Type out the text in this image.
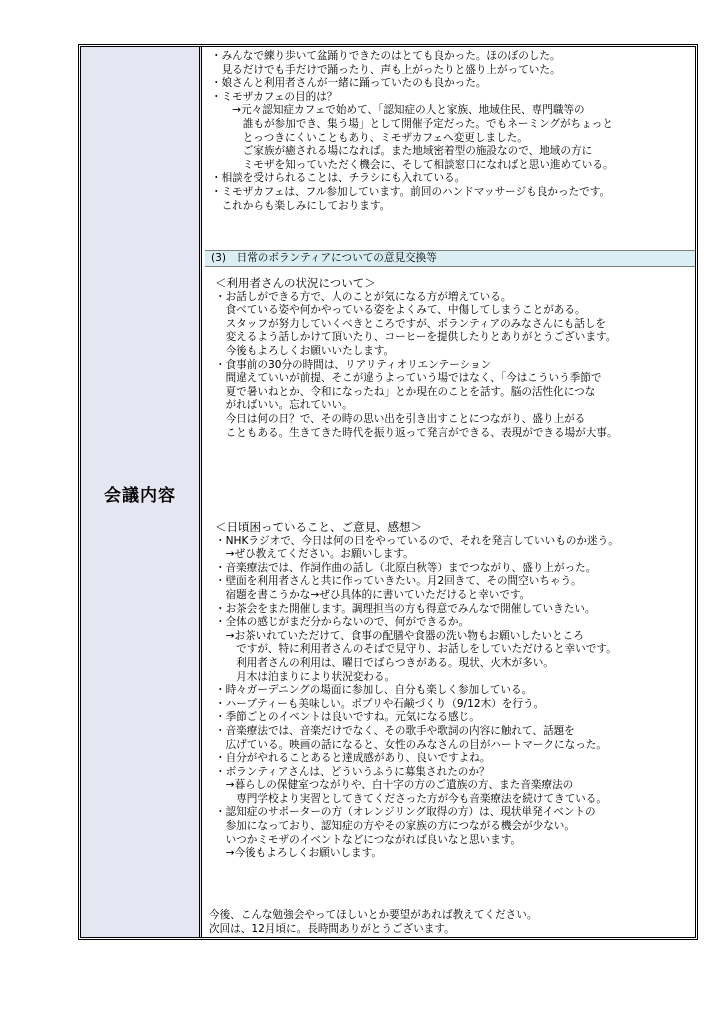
会議内容
・みんなで練り歩いて盆踊りできたのはとても良かった。ほのぼのした。
　見るだけでも手だけで踊ったり、声も上がったりと盛り上がっていた。
・娘さんと利用者さんが一緒に踊っていたのも良かった。
・ミモザカフェの目的は？
　　→元々認知症カフェで始めて、「認知症の人と家族、地域住民、専門職等の
　　　誰もが参加でき、集う場」として開催予定だった。でもネーミングがちょっと
　　　とっつきにくいこともあり、ミモザカフェへ変更しました。
　　　ご家族が癒される場になれば。また地域密着型の施設なので、地域の方に
　　　ミモザを知っていただく機会に、そして相談窓口になればと思い進めている。
・相談を受けられることは、チラシにも入れている。
・ミモザカフェは、フル参加しています。前回のハンドマッサージも良かったです。
　これからも楽しみにしております。
(3)　日常のボランティアについての意見交換等
＜利用者さんの状況について＞
・お話しができる方で、人のことが気になる方が増えている。
　食べている姿や何かやっている姿をよくみて、中傷してしまうことがある。
　スタッフが努力していくべきところですが、ボランティアのみなさんにも話しを
　変えるよう話しかけて頂いたり、コーヒーを提供したりとありがとうございます。
　今後もよろしくお願いいたします。
・食事前の30分の時間は、リアリティオリエンテーション
　間違えていいが前提、そこが違うよっていう場ではなく、「今はこういう季節で
　夏で暑いねとか、令和になったね」とか現在のことを話す。脳の活性化につな
　がればいい。忘れていい。
　今日は何の日？で、その時の思い出を引き出すことにつながり、盛り上がる
　こともある。生きてきた時代を振り返って発言ができる、表現ができる場が大事。
＜日頃困っていること、ご意見、感想＞
・NHKラジオで、今日は何の日をやっているので、それを発言していいものか迷う。
　→ぜひ教えてください。お願いします。
・音楽療法では、作詞作曲の話し（北原白秋等）までつながり、盛り上がった。
・壁面を利用者さんと共に作っていきたい。月2回きて、その間空いちゃう。
　宿題を書こうかな→ぜひ具体的に書いていただけると幸いです。
・お茶会をまた開催します。調理担当の方も得意でみんなで開催していきたい。
・全体の感じがまだ分からないので、何ができるか。
　→お茶いれていただけて、食事の配膳や食器の洗い物もお願いしたいところ
　　ですが、特に利用者さんのそばで見守り、お話しをしていただけると幸いです。
　　利用者さんの利用は、曜日でばらつきがある。現状、火木が多い。
　　月木は泊まりにより状況変わる。
・時々ガーデニングの場面に参加し、自分も楽しく参加している。
・ハーブティーも美味しい。ポプリや石鹸づくり（9/12木）を行う。
・季節ごとのイベントは良いですね。元気になる感じ。
・音楽療法では、音楽だけでなく、その歌手や歌詞の内容に触れて、話題を
　広げている。映画の話になると、女性のみなさんの目がハートマークになった。
・自分がやれることあると達成感があり、良いですよね。
・ボランティアさんは、どういうふうに募集されたのか？
　→暮らしの保健室つながりや、白十字の方のご遺族の方、また音楽療法の
　　専門学校より実習としてきてくださった方が今も音楽療法を続けてきている。
・認知症のサポーターの方（オレンジリング取得の方）は、現状単発イベントの
　参加になっており、認知症の方やその家族の方につながる機会が少ない。
　いつかミモザのイベントなどにつながれば良いなと思います。
　→今後もよろしくお願いします。
今後、こんな勉強会やってほしいとか要望があれば教えてください。
次回は、12月頃に。長時間ありがとうございます。
